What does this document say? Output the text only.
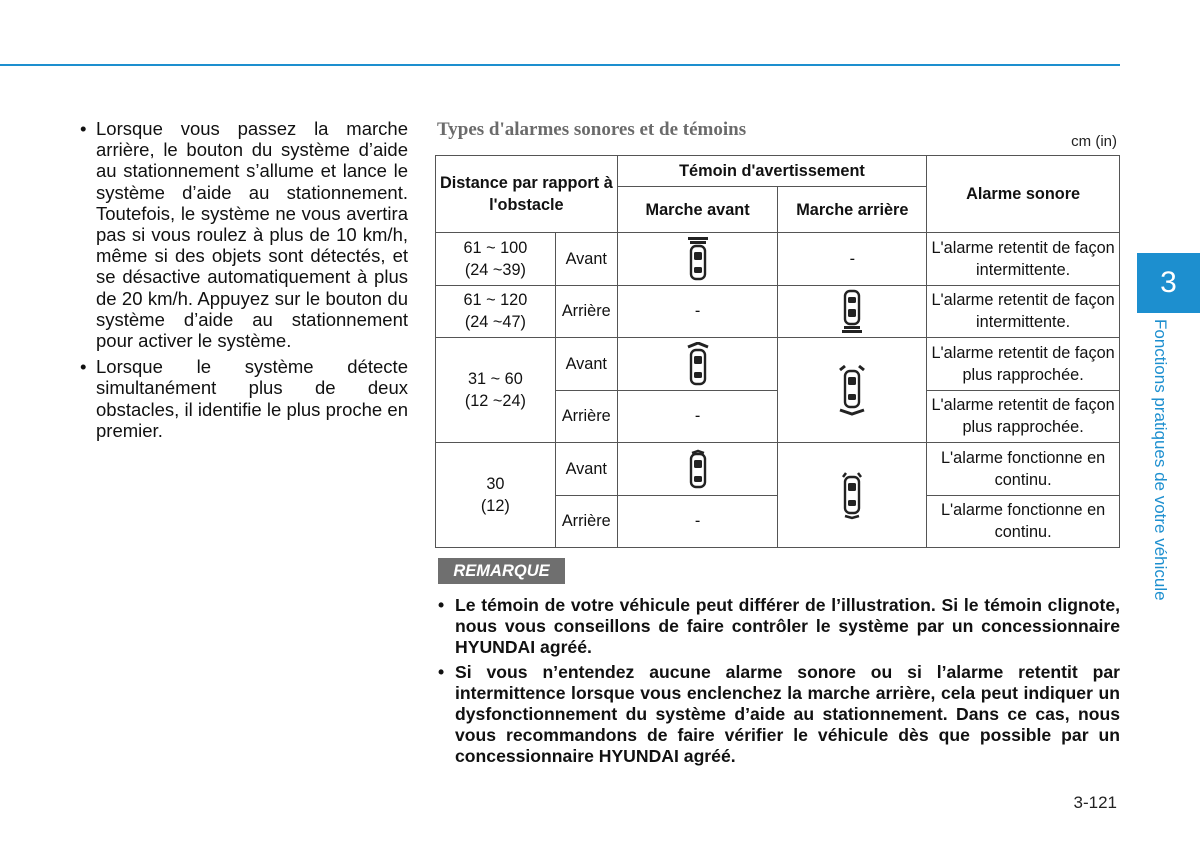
• Lorsque vous passez la marche arrière, le bouton du système d’aide au stationnement s’allume et lance le système d’aide au stationnement. Toutefois, le système ne vous avertira pas si vous roulez à plus de 10 km/h, même si des objets sont détectés, et se désactive automatiquement à plus de 20 km/h. Appuyez sur le bouton du système d’aide au stationnement pour activer le système.
• Lorsque le système détecte simultanément plus de deux obstacles, il identifie le plus proche en premier.
Types d'alarmes sonores et de témoins
cm (in)
Distance par rapport à l'obstacle		Témoin d'avertissement		Alarme sonore
		Marche avant	Marche arrière	

61 ~ 100
(24 ~39)	Avant		-	L'alarme retentit de façon intermittente.

61 ~ 120
(24 ~47)	Arrière	-		L'alarme retentit de façon intermittente.

31 ~ 60
(12 ~24)	Avant			L'alarme retentit de façon plus rapprochée.
	Arrière	-		L'alarme retentit de façon plus rapprochée.

30
(12)	Avant			L'alarme fonctionne en continu.
	Arrière	-		L'alarme fonctionne en continu.
REMARQUE
• Le témoin de votre véhicule peut différer de l’illustration. Si le témoin clignote, nous vous conseillons de faire contrôler le système par un concessionnaire HYUNDAI agréé.
• Si vous n’entendez aucune alarme sonore ou si l’alarme retentit par intermittence lorsque vous enclenchez la marche arrière, cela peut indiquer un dysfonctionnement du système d’aide au stationnement. Dans ce cas, nous vous recommandons de faire vérifier le véhicule dès que possible par un concessionnaire HYUNDAI agréé.
3
Fonctions pratiques de votre véhicule
3-121
